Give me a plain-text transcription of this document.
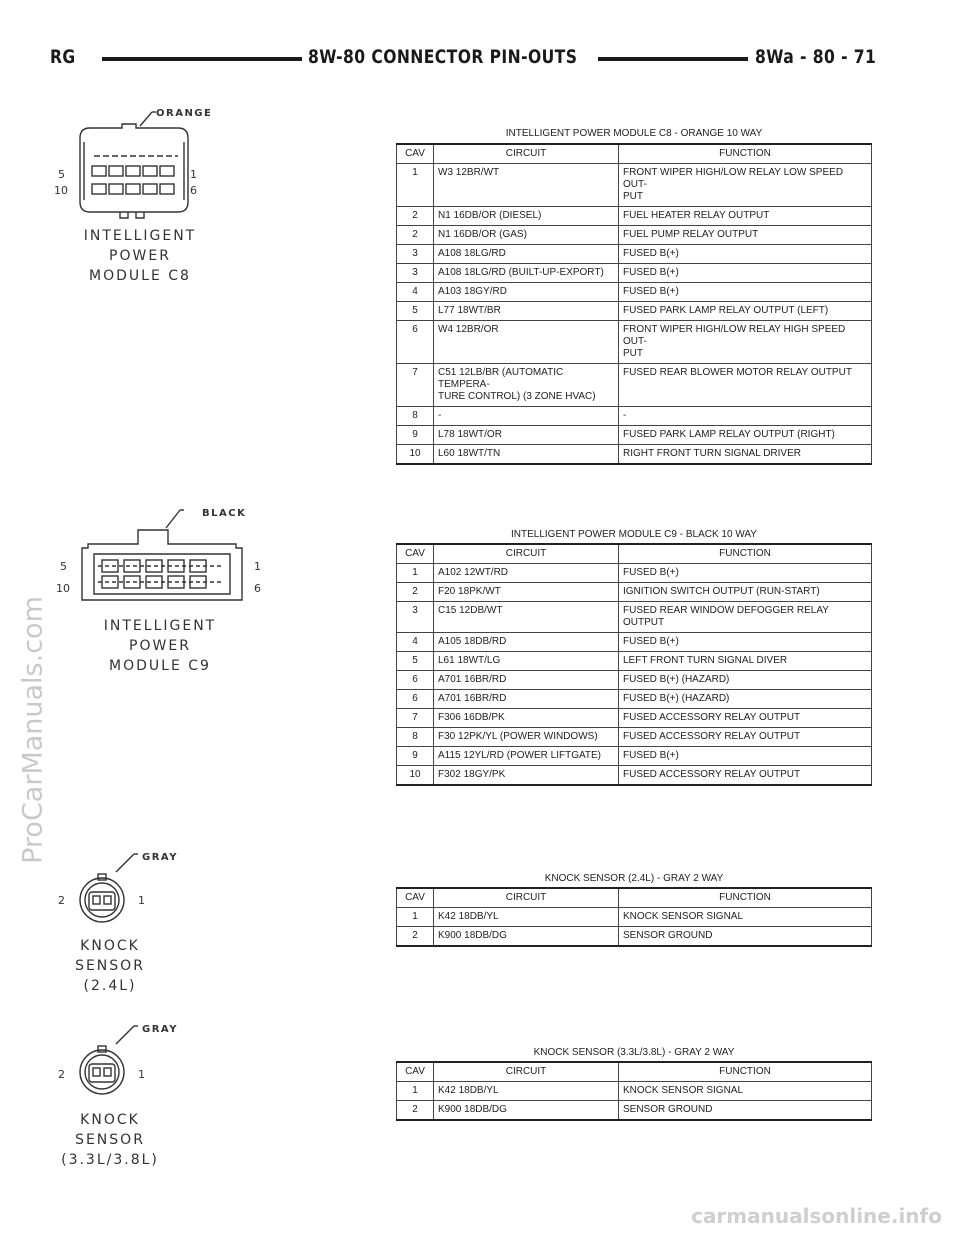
RG	8W-80 CONNECTOR PIN-OUTS	8Wa - 80 - 71
ORANGE
5
10
1
6
INTELLIGENT
POWER
MODULE C8
INTELLIGENT POWER MODULE C8 - ORANGE 10 WAY
CAV	CIRCUIT	FUNCTION
1	W3 12BR/WT	FRONT WIPER HIGH/LOW RELAY LOW SPEED OUT-
PUT
2	N1 16DB/OR (DIESEL)	FUEL HEATER RELAY OUTPUT
2	N1 16DB/OR (GAS)	FUEL PUMP RELAY OUTPUT
3	A108 18LG/RD	FUSED B(+)
3	A108 18LG/RD (BUILT-UP-EXPORT)	FUSED B(+)
4	A103 18GY/RD	FUSED B(+)
5	L77 18WT/BR	FUSED PARK LAMP RELAY OUTPUT (LEFT)
6	W4 12BR/OR	FRONT WIPER HIGH/LOW RELAY HIGH SPEED OUT-
PUT
7	C51 12LB/BR (AUTOMATIC TEMPERA-
TURE CONTROL) (3 ZONE HVAC)	FUSED REAR BLOWER MOTOR RELAY OUTPUT
8	-	-
9	L78 18WT/OR	FUSED PARK LAMP RELAY OUTPUT (RIGHT)
10	L60 18WT/TN	RIGHT FRONT TURN SIGNAL DRIVER
BLACK
5
10
1
6
INTELLIGENT
POWER
MODULE C9
INTELLIGENT POWER MODULE C9 - BLACK 10 WAY
CAV	CIRCUIT	FUNCTION
1	A102 12WT/RD	FUSED B(+)
2	F20 18PK/WT	IGNITION SWITCH OUTPUT (RUN-START)
3	C15 12DB/WT	FUSED REAR WINDOW DEFOGGER RELAY OUTPUT
4	A105 18DB/RD	FUSED B(+)
5	L61 18WT/LG	LEFT FRONT TURN SIGNAL DIVER
6	A701 16BR/RD	FUSED B(+) (HAZARD)
6	A701 16BR/RD	FUSED B(+) (HAZARD)
7	F306 16DB/PK	FUSED ACCESSORY RELAY OUTPUT
8	F30 12PK/YL (POWER WINDOWS)	FUSED ACCESSORY RELAY OUTPUT
9	A115 12YL/RD (POWER LIFTGATE)	FUSED B(+)
10	F302 18GY/PK	FUSED ACCESSORY RELAY OUTPUT
GRAY
2	1
KNOCK
SENSOR
(2.4L)
KNOCK SENSOR (2.4L) - GRAY 2 WAY
CAV	CIRCUIT	FUNCTION
1	K42 18DB/YL	KNOCK SENSOR SIGNAL
2	K900 18DB/DG	SENSOR GROUND
GRAY
2	1
KNOCK
SENSOR
(3.3L/3.8L)
KNOCK SENSOR (3.3L/3.8L) - GRAY 2 WAY
CAV	CIRCUIT	FUNCTION
1	K42 18DB/YL	KNOCK SENSOR SIGNAL
2	K900 18DB/DG	SENSOR GROUND
ProCarManuals.com
carmanualsonline.info
